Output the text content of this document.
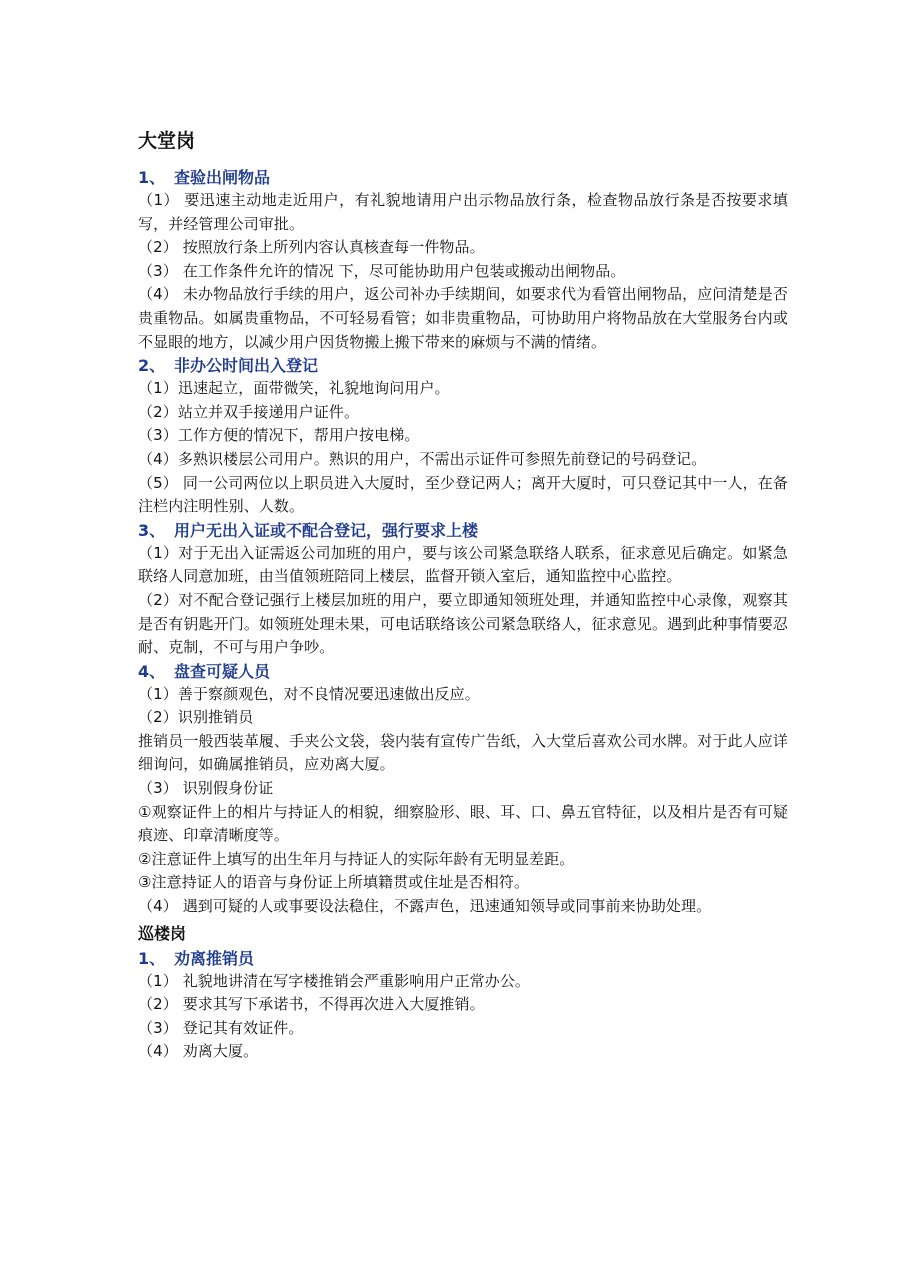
大堂岗
1、 查验出闸物品
（1） 要迅速主动地走近用户，有礼貌地请用户出示物品放行条，检查物品放行条是否按要求填写，并经管理公司审批。
（2） 按照放行条上所列内容认真核查每一件物品。
（3） 在工作条件允许的情况 下，尽可能协助用户包装或搬动出闸物品。
（4） 未办物品放行手续的用户，返公司补办手续期间，如要求代为看管出闸物品，应问清楚是否贵重物品。如属贵重物品，不可轻易看管；如非贵重物品，可协助用户将物品放在大堂服务台内或不显眼的地方，以减少用户因货物搬上搬下带来的麻烦与不满的情绪。
2、 非办公时间出入登记
（1）迅速起立，面带微笑，礼貌地询问用户。
（2）站立并双手接递用户证件。
（3）工作方便的情况下，帮用户按电梯。
（4）多熟识楼层公司用户。熟识的用户，不需出示证件可参照先前登记的号码登记。
（5） 同一公司两位以上职员进入大厦时，至少登记两人；离开大厦时，可只登记其中一人，在备注栏内注明性别、人数。
3、 用户无出入证或不配合登记，强行要求上楼
（1）对于无出入证需返公司加班的用户，要与该公司紧急联络人联系，征求意见后确定。如紧急联络人同意加班，由当值领班陪同上楼层，监督开锁入室后，通知监控中心监控。
（2）对不配合登记强行上楼层加班的用户，要立即通知领班处理，并通知监控中心录像，观察其是否有钥匙开门。如领班处理未果，可电话联络该公司紧急联络人，征求意见。遇到此种事情要忍耐、克制，不可与用户争吵。
4、 盘查可疑人员
（1）善于察颜观色，对不良情况要迅速做出反应。
（2）识别推销员
推销员一般西装革履、手夹公文袋，袋内装有宣传广告纸，入大堂后喜欢公司水牌。对于此人应详细询问，如确属推销员，应劝离大厦。
（3） 识别假身份证
①观察证件上的相片与持证人的相貌，细察脸形、眼、耳、口、鼻五官特征，以及相片是否有可疑痕迹、印章清晰度等。
②注意证件上填写的出生年月与持证人的实际年龄有无明显差距。
③注意持证人的语音与身份证上所填籍贯或住址是否相符。
（4） 遇到可疑的人或事要设法稳住，不露声色，迅速通知领导或同事前来协助处理。
巡楼岗
1、 劝离推销员
（1） 礼貌地讲清在写字楼推销会严重影响用户正常办公。
（2） 要求其写下承诺书，不得再次进入大厦推销。
（3） 登记其有效证件。
（4） 劝离大厦。
